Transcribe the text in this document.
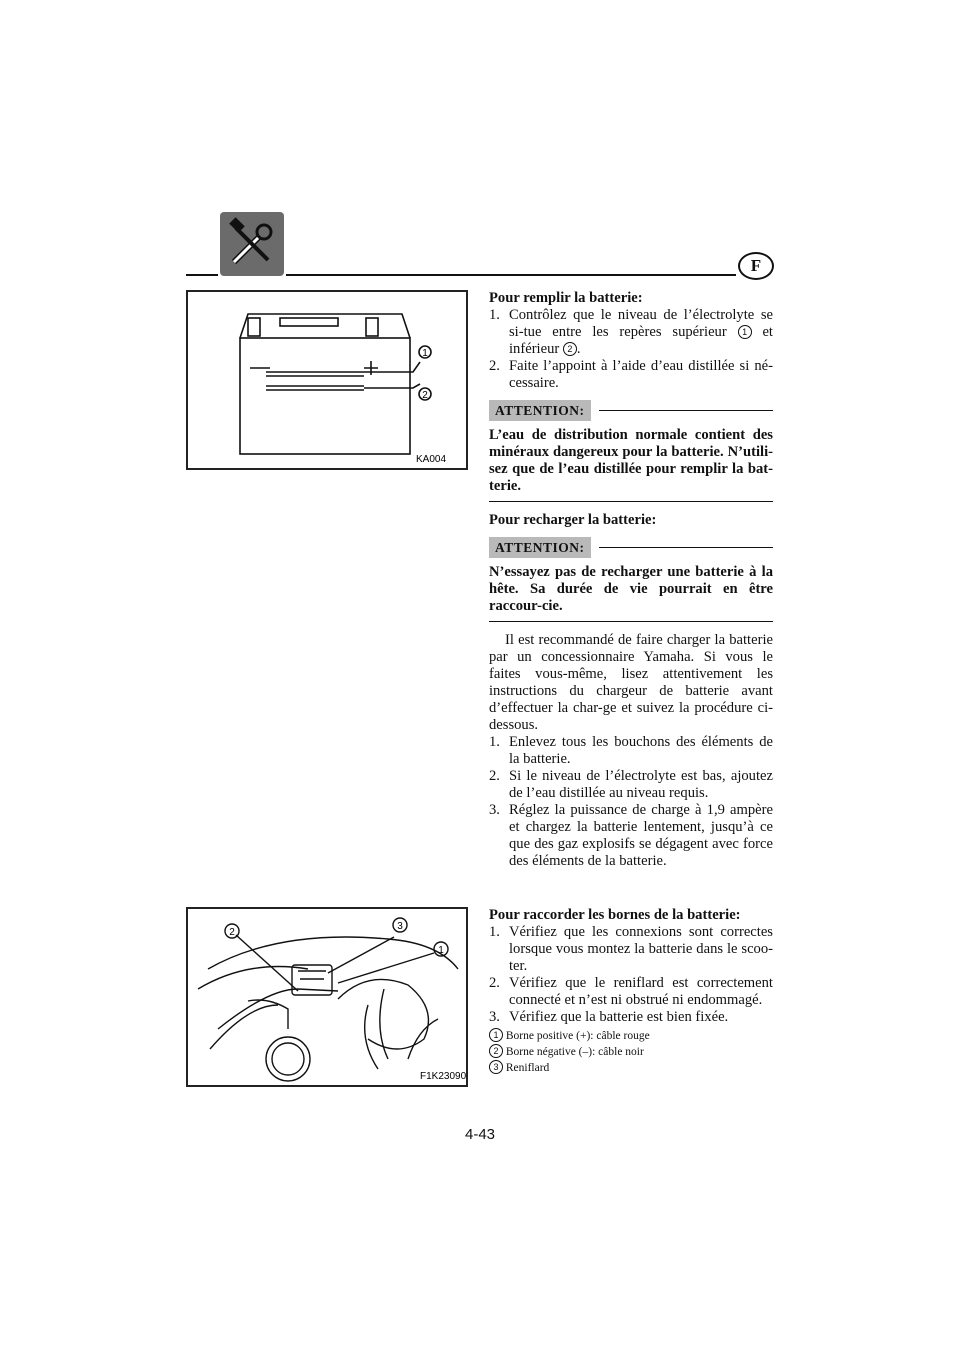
F
1
2
KA004
2
3
1
F1K23090
Pour remplir la batterie:
1. Contrôlez que le niveau de l’électrolyte se si-tue entre les repères supérieur 1 et inférieur 2 .
2. Faite l’appoint à l’aide d’eau distillée si né-cessaire.
ATTENTION:
L’eau de distribution normale contient des minéraux dangereux pour la batterie. N’utili-sez que de l’eau distillée pour remplir la bat-terie.
Pour recharger la batterie:
ATTENTION:
N’essayez pas de recharger une batterie à la hête. Sa durée de vie pourrait en être raccour-cie.
Il est recommandé de faire charger la batterie par un concessionnaire Yamaha. Si vous le faites vous-même, lisez attentivement les instructions du chargeur de batterie avant d’effectuer la char-ge et suivez la procédure ci-dessous.
1. Enlevez tous les bouchons des éléments de la batterie.
2. Si le niveau de l’électrolyte est bas, ajoutez de l’eau distillée au niveau requis.
3. Réglez la puissance de charge à 1,9 ampère et chargez la batterie lentement, jusqu’à ce que des gaz explosifs se dégagent avec force des éléments de la batterie.
Pour raccorder les bornes de la batterie:
1. Vérifiez que les connexions sont correctes lorsque vous montez la batterie dans le scoo-ter.
2. Vérifiez que le reniflard est correctement connecté et n’est ni obstrué ni endommagé.
3. Vérifiez que la batterie est bien fixée.
1 Borne positive (+): câble rouge
2 Borne négative (–): câble noir
3 Reniflard
4-43
